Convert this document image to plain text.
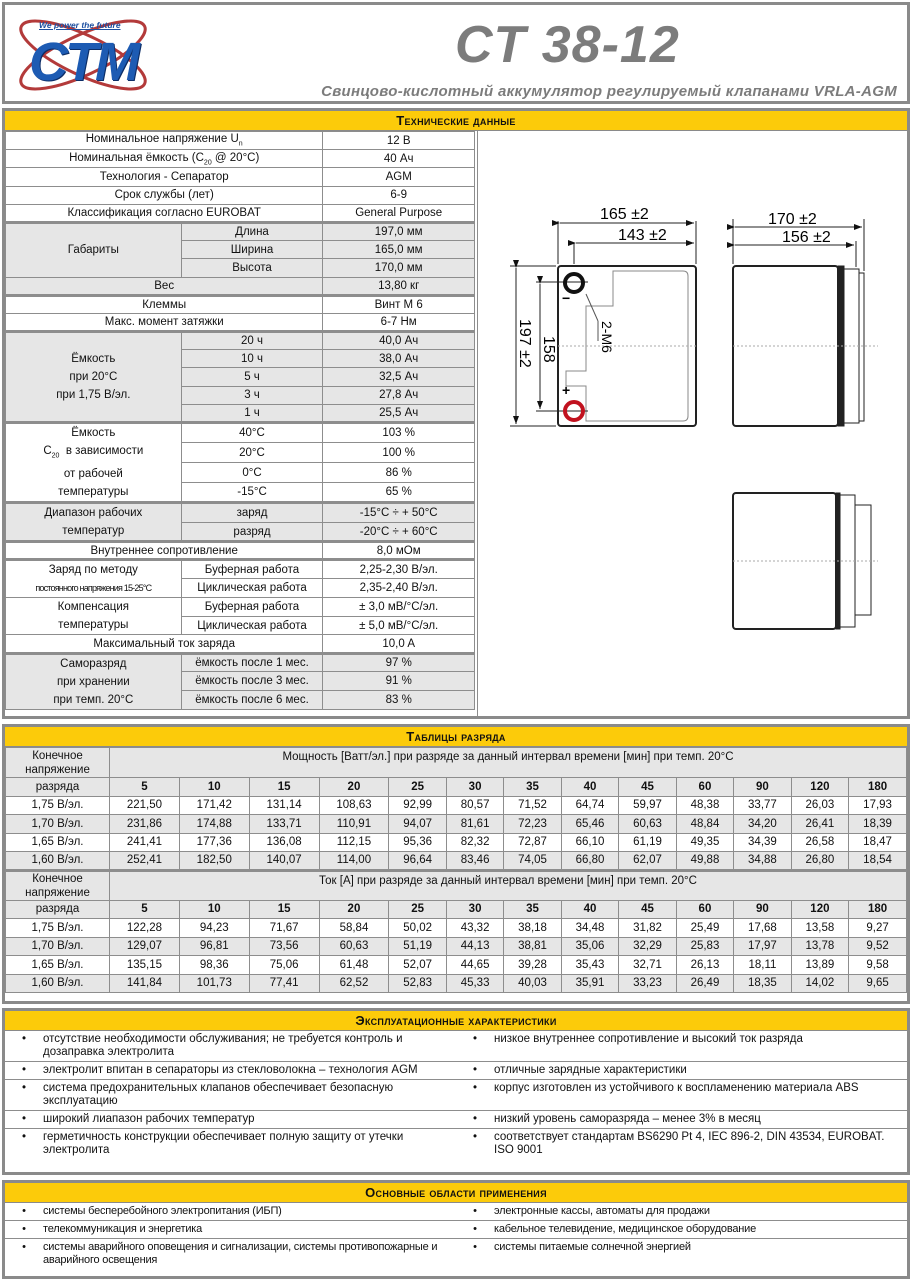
We power the future
CTM	CT 38-12
Свинцово-кислотный аккумулятор регулируемый клапанами VRLA-AGM
Технические данные
Номинальное напряжение $U_n$		12 В
Номинальная ёмкость ($C_{20}$ @ 20°C)		40 Ач
Технология - Сепаратор		AGM
Срок службы (лет)		6-9
Классификация согласно EUROBAT		General Purpose
Габариты	Длина	197,0 мм
	Ширина	165,0 мм
	Высота	170,0 мм
Вес		13,80 кг
Клеммы		Винт М 6
Макс. момент затяжки		6-7 Нм

Ёмкость
при 20°C
при 1,75 В/эл.	20 ч	40,0 Ач
	10 ч	38,0 Ач
	5 ч	32,5 Ач
	3 ч	27,8 Ач
	1 ч	25,5 Ач

Ёмкость
$C_{20}$  в зависимости
от рабочей
температуры	40°C	103 %
	20°C	100 %
	0°C	86 %
	-15°C	65 %

Диапазон рабочих
температур	заряд	-15°C ÷ + 50°C
	разряд	-20°C ÷ + 60°C
Внутреннее сопротивление		8,0 мОм

Заряд по методу
постоянного напряжения 15-25°C	Буферная работа	2,25-2,30 В/эл.
	Циклическая работа	2,35-2,40 В/эл.

Компенсация
температуры	Буферная работа	± 3,0 мВ/°C/эл.
	Циклическая работа	± 5,0 мВ/°C/эл.
Максимальный ток заряда		10,0 A

Саморазряд
при хранении
при темп. 20°C	ёмкость после 1 мес.	97 %
	ёмкость после 3 мес.	91 %
	ёмкость после 6 мес.	83 %
−
+
165 ±2
143 ±2
170 ±2
156 ±2
197 ±2 158	2-M6
Таблицы разряда
Конечное
напряжение	Мощность [Ватт/эл.] при разряде за данный интервал времени [мин] при темп. 20°C												
разряда	5	10	15	20	25	30	35	40	45	60	90	120	180
1,75 В/эл.	221,50	171,42	131,14	108,63	92,99	80,57	71,52	64,74	59,97	48,38	33,77	26,03	17,93
1,70 В/эл.	231,86	174,88	133,71	110,91	94,07	81,61	72,23	65,46	60,63	48,84	34,20	26,41	18,39
1,65 В/эл.	241,41	177,36	136,08	112,15	95,36	82,32	72,87	66,10	61,19	49,35	34,39	26,58	18,47
1,60 В/эл.	252,41	182,50	140,07	114,00	96,64	83,46	74,05	66,80	62,07	49,88	34,88	26,80	18,54

Конечное
напряжение	Ток [А] при разряде за данный интервал времени [мин] при темп. 20°C												
разряда	5	10	15	20	25	30	35	40	45	60	90	120	180
1,75 В/эл.	122,28	94,23	71,67	58,84	50,02	43,32	38,18	34,48	31,82	25,49	17,68	13,58	9,27
1,70 В/эл.	129,07	96,81	73,56	60,63	51,19	44,13	38,81	35,06	32,29	25,83	17,97	13,78	9,52
1,65 В/эл.	135,15	98,36	75,06	61,48	52,07	44,65	39,28	35,43	32,71	26,13	18,11	13,89	9,58
1,60 В/эл.	141,84	101,73	77,41	62,52	52,83	45,33	40,03	35,91	33,23	26,49	18,35	14,02	9,65
Эксплуатационные характеристики
•	отсутствие необходимости обслуживания; не требуется контроль и дозаправка электролита	•	низкое внутреннее сопротивление и высокий ток разряда
•	электролит впитан в сепараторы из стекловолокна – технология AGM	•	отличные зарядные характеристики
•	система предохранительных клапанов обеспечивает безопасную эксплуатацию	•	корпус изготовлен из устойчивого к воспламенению материала ABS
•	широкий лиапазон рабочих температур	•	низкий уровень саморазряда – менее 3% в месяц
•	герметичность конструкции обеспечивает полную защиту от утечки электролита	•	соответствует стандартам BS6290 Pt 4, IEC 896-2, DIN 43534, EUROBAT. ISO 9001
Основные области применения
•	системы бесперебойного электропитания (ИБП)	•	электронные кассы, автоматы для продажи
•	телекоммуникация и энергетика	•	кабельное телевидение, медицинское оборудование
•	системы аварийного оповещения и сигнализации, системы противопожарные и аварийного освещения	•	системы питаемые солнечной энергией
